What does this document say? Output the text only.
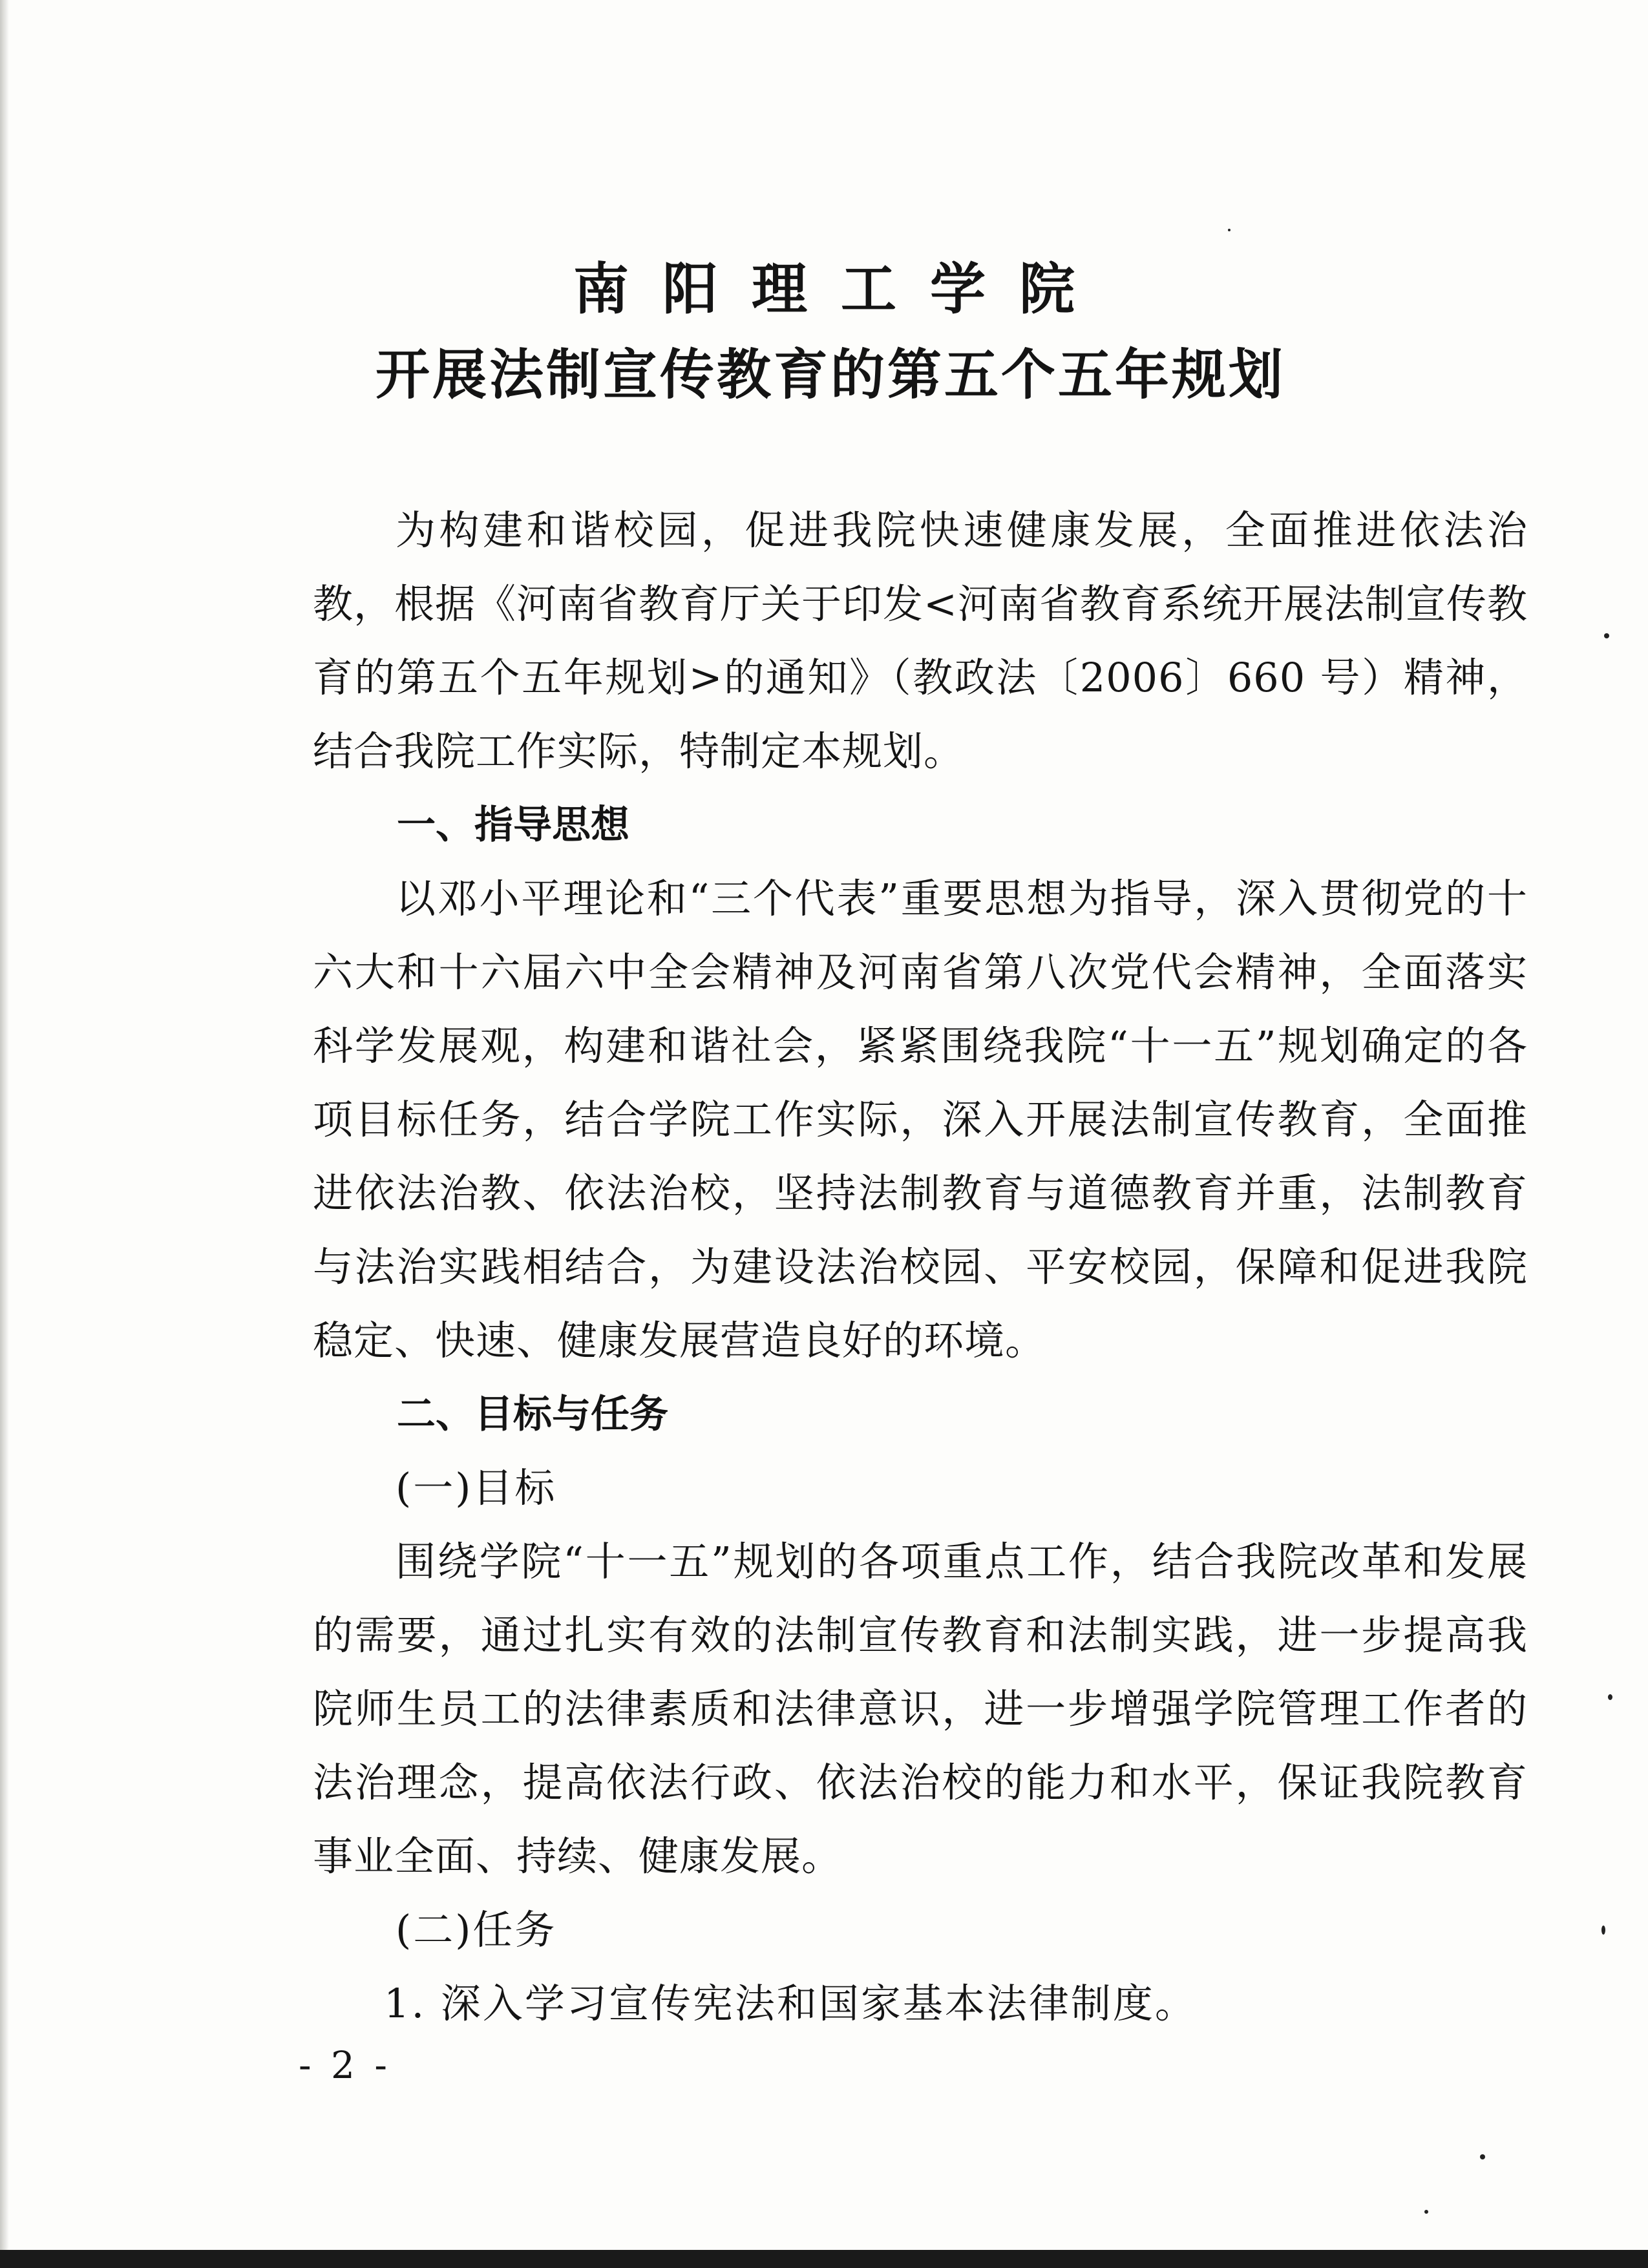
南阳理工学院
开展法制宣传教育的第五个五年规划

为构建和谐校园，促进我院快速健康发展，全面推进依法治教，根据《河南省教育厅关于印发<河南省教育系统开展法制宣传教育的第五个五年规划>的通知》（教政法〔2006〕660 号）精神，结合我院工作实际，特制定本规划。

一、指导思想

以邓小平理论和“三个代表”重要思想为指导，深入贯彻党的十六大和十六届六中全会精神及河南省第八次党代会精神，全面落实科学发展观，构建和谐社会，紧紧围绕我院“十一五”规划确定的各项目标任务，结合学院工作实际，深入开展法制宣传教育，全面推进依法治教、依法治校，坚持法制教育与道德教育并重，法制教育与法治实践相结合，为建设法治校园、平安校园，保障和促进我院稳定、快速、健康发展营造良好的环境。

二、目标与任务

(一)目标

围绕学院“十一五”规划的各项重点工作，结合我院改革和发展的需要，通过扎实有效的法制宣传教育和法制实践，进一步提高我院师生员工的法律素质和法律意识，进一步增强学院管理工作者的法治理念，提高依法行政、依法治校的能力和水平，保证我院教育事业全面、持续、健康发展。

(二)任务

1. 深入学习宣传宪法和国家基本法律制度。

- 2 -
